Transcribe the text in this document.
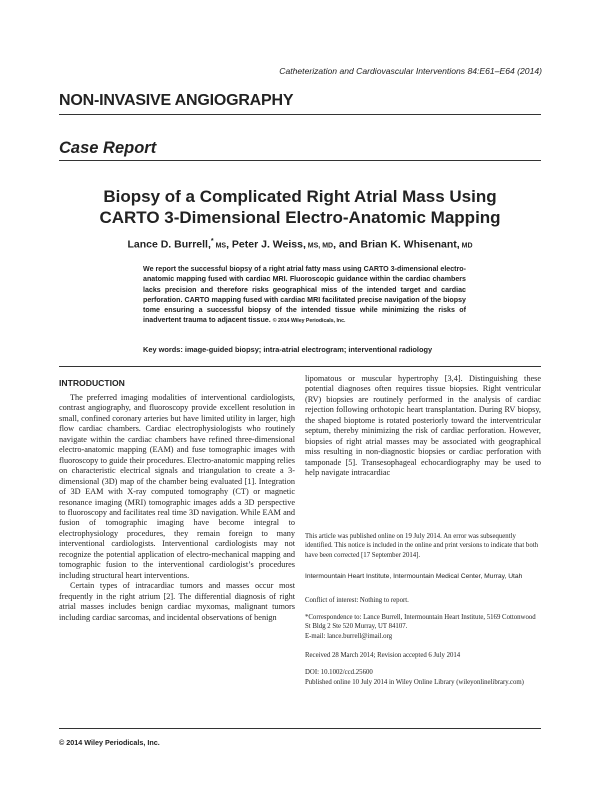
Catheterization and Cardiovascular Interventions 84:E61–E64 (2014)
NON-INVASIVE ANGIOGRAPHY
Case Report
Biopsy of a Complicated Right Atrial Mass Using
CARTO 3-Dimensional Electro-Anatomic Mapping
Lance D. Burrell,* MS, Peter J. Weiss, MS, MD, and Brian K. Whisenant, MD
We report the successful biopsy of a right atrial fatty mass using CARTO 3-dimensional electro-anatomic mapping fused with cardiac MRI. Fluoroscopic guidance within the cardiac chambers lacks precision and therefore risks geographical miss of the intended target and cardiac perforation. CARTO mapping fused with cardiac MRI facilitated precise navigation of the biopsy tome ensuring a successful biopsy of the intended tissue while minimizing the risks of inadvertent trauma to adjacent tissue. © 2014 Wiley Periodicals, Inc.
Key words: image-guided biopsy; intra-atrial electrogram; interventional radiology
INTRODUCTION

The preferred imaging modalities of interventional cardiologists, contrast angiography, and fluoroscopy provide excellent resolution in small, confined coronary arteries but have limited utility in larger, high flow cardiac chambers. Cardiac electrophysiologists who routinely navigate within the cardiac chambers have refined three-dimensional electro-anatomic mapping (EAM) and fuse tomographic images with fluoroscopy to guide their procedures. Electro-anatomic mapping relies on characteristic electrical signals and triangulation to create a 3-dimensional (3D) map of the chamber being evaluated [1]. Integration of 3D EAM with X-ray computed tomography (CT) or magnetic resonance imaging (MRI) tomographic images adds a 3D perspective to fluoroscopy and facilitates real time 3D navigation. While EAM and fusion of tomographic imaging have become integral to electrophysiology procedures, they remain foreign to many interventional cardiologists. Interventional cardiologists may not recognize the potential application of electro-mechanical mapping and tomographic fusion to the interventional cardiologist’s procedures including structural heart interventions.

Certain types of intracardiac tumors and masses occur most frequently in the right atrium [2]. The differential diagnosis of right atrial masses includes benign cardiac myxomas, malignant tumors including cardiac sarcomas, and incidental observations of benign

lipomatous or muscular hypertrophy [3,4]. Distinguishing these potential diagnoses often requires tissue biopsies. Right ventricular (RV) biopsies are routinely performed in the analysis of cardiac rejection following orthotopic heart transplantation. During RV biopsy, the shaped bioptome is rotated posteriorly toward the interventricular septum, thereby minimizing the risk of cardiac perforation. However, biopsies of right atrial masses may be associated with geographical miss resulting in non-diagnostic biopsies or cardiac perforation with tamponade [5]. Transesophageal echocardiography may be used to help navigate intracardiac

This article was published online on 19 July 2014. An error was subsequently identified. This notice is included in the online and print versions to indicate that both have been corrected [17 September 2014].
Intermountain Heart Institute, Intermountain Medical Center, Murray, Utah
Conflict of interest: Nothing to report.
*Correspondence to: Lance Burrell, Intermountain Heart Institute, 5169 Cottonwood St Bldg 2 Ste 520 Murray, UT 84107.
E-mail: lance.burrell@imail.org
Received 28 March 2014; Revision accepted 6 July 2014
DOI: 10.1002/ccd.25600
Published online 10 July 2014 in Wiley Online Library (wileyonlinelibrary.com)
© 2014 Wiley Periodicals, Inc.
